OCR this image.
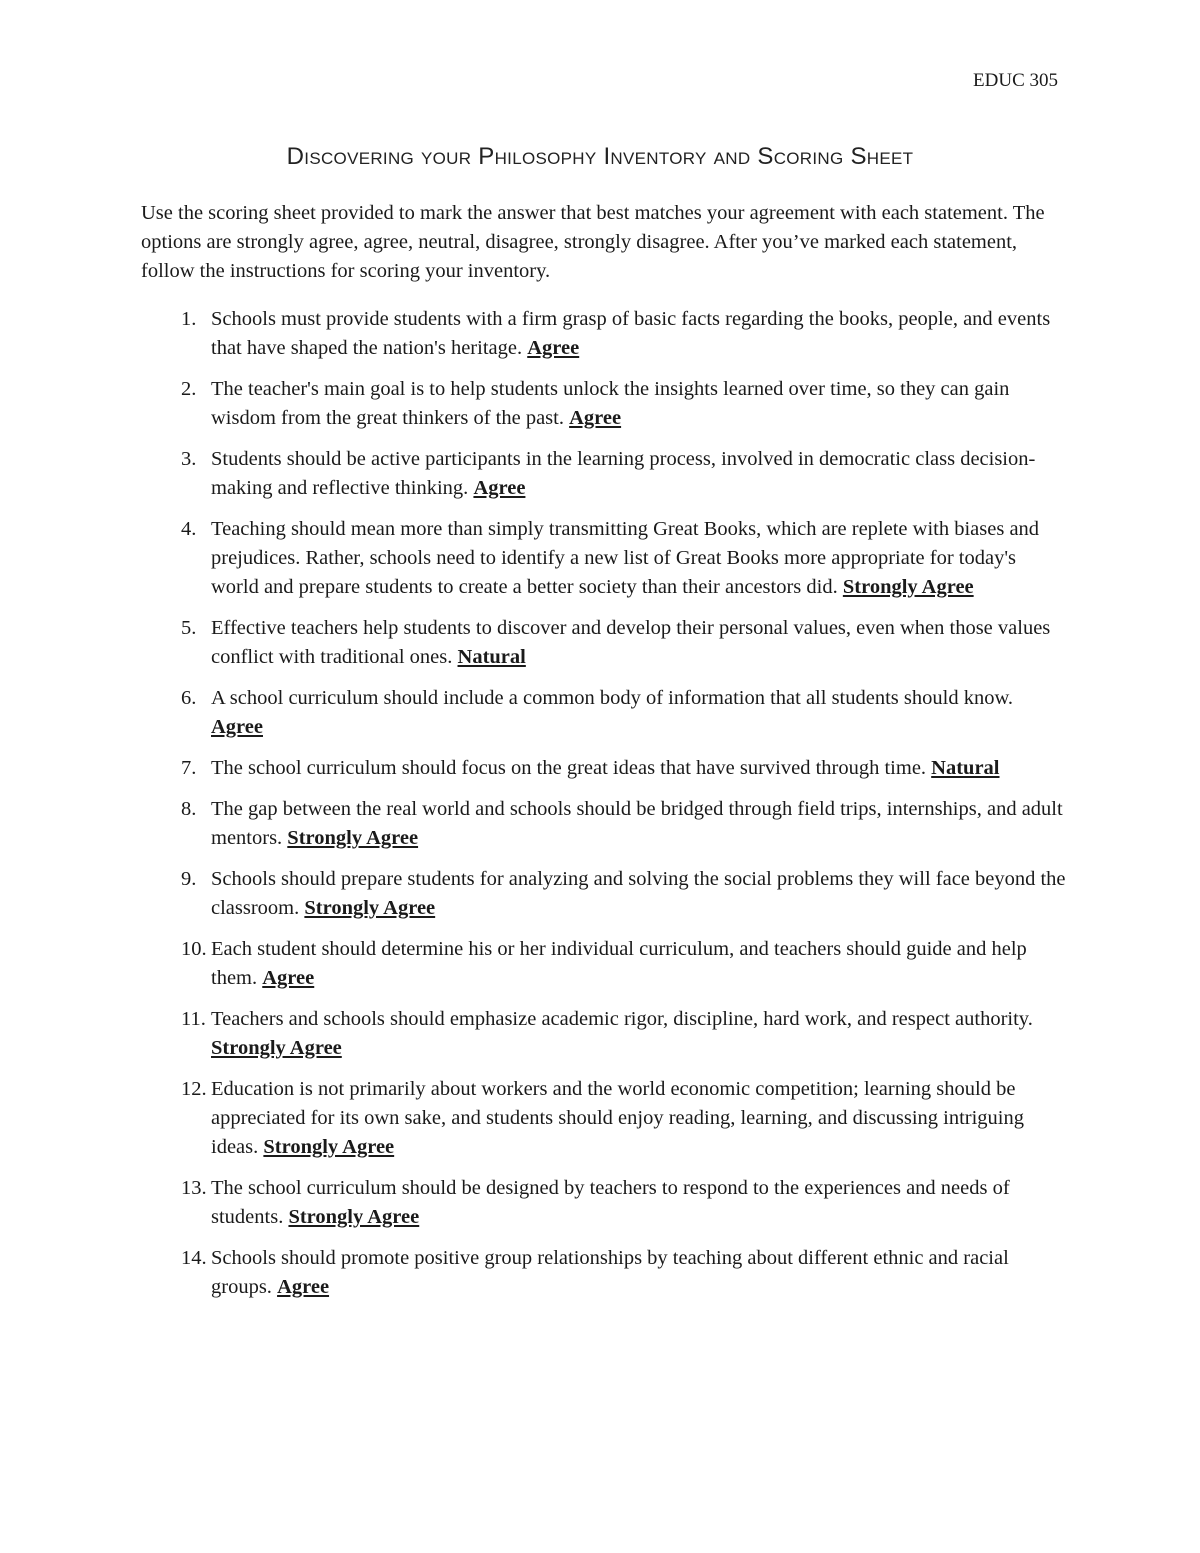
EDUC 305

Discovering your Philosophy Inventory and Scoring Sheet

Use the scoring sheet provided to mark the answer that best matches your agreement with each statement. The options are strongly agree, agree, neutral, disagree, strongly disagree. After you’ve marked each statement, follow the instructions for scoring your inventory.

1. Schools must provide students with a firm grasp of basic facts regarding the books, people, and events that have shaped the nation's heritage. Agree
2. The teacher's main goal is to help students unlock the insights learned over time, so they can gain wisdom from the great thinkers of the past. Agree
3. Students should be active participants in the learning process, involved in democratic class decision-making and reflective thinking. Agree
4. Teaching should mean more than simply transmitting Great Books, which are replete with biases and prejudices. Rather, schools need to identify a new list of Great Books more appropriate for today's world and prepare students to create a better society than their ancestors did. Strongly Agree
5. Effective teachers help students to discover and develop their personal values, even when those values conflict with traditional ones. Natural
6. A school curriculum should include a common body of information that all students should know. Agree
7. The school curriculum should focus on the great ideas that have survived through time. Natural
8. The gap between the real world and schools should be bridged through field trips, internships, and adult mentors. Strongly Agree
9. Schools should prepare students for analyzing and solving the social problems they will face beyond the classroom. Strongly Agree
10. Each student should determine his or her individual curriculum, and teachers should guide and help them. Agree
11. Teachers and schools should emphasize academic rigor, discipline, hard work, and respect authority. Strongly Agree
12. Education is not primarily about workers and the world economic competition; learning should be appreciated for its own sake, and students should enjoy reading, learning, and discussing intriguing ideas. Strongly Agree
13. The school curriculum should be designed by teachers to respond to the experiences and needs of students. Strongly Agree
14. Schools should promote positive group relationships by teaching about different ethnic and racial groups. Agree
